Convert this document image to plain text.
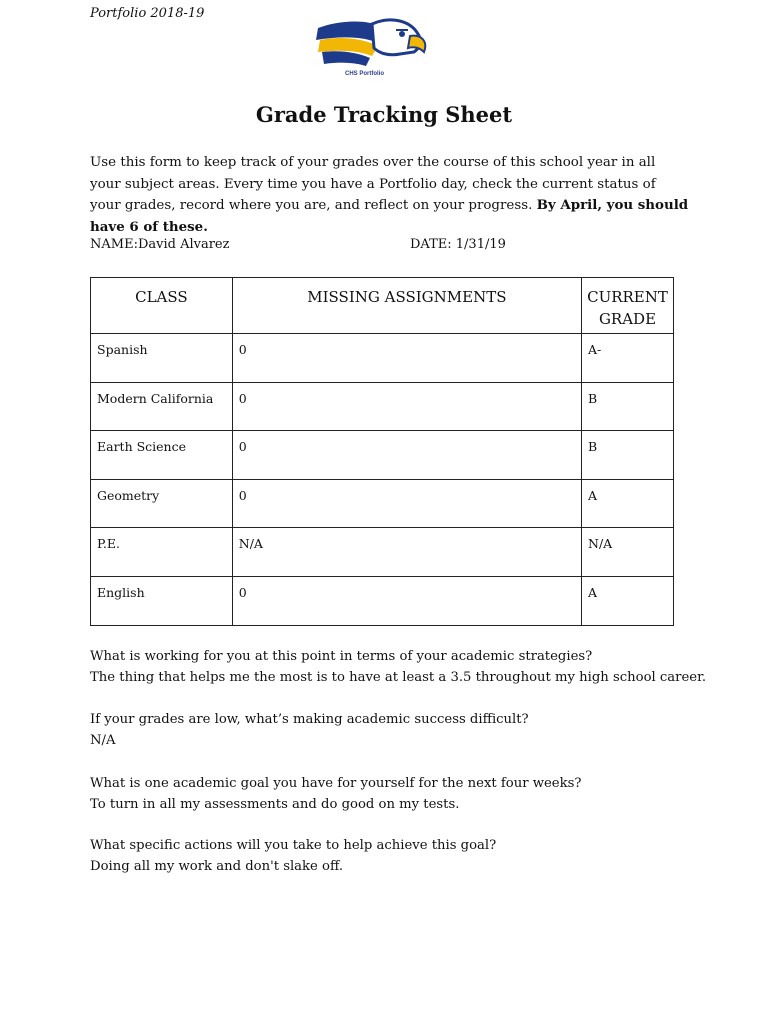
Portfolio 2018-19
CHS Portfolio
Grade Tracking Sheet
Use this form to keep track of your grades over the course of this school year in all your subject areas. Every time you have a Portfolio day, check the current status of your grades, record where you are, and reflect on your progress. By April, you should have 6 of these.
NAME:David Alvarez	DATE: 1/31/19
CLASS	MISSING ASSIGNMENTS	CURRENT GRADE
Spanish	0	A-
Modern California	0	B
Earth Science	0	B
Geometry	0	A
P.E.	N/A	N/A
English	0	A
What is working for you at this point in terms of your academic strategies?
The thing that helps me the most is to have at least a 3.5 throughout my high school career.
If your grades are low, what’s making academic success difficult?
N/A
What is one academic goal you have for yourself for the next four weeks?
To turn in all my assessments and do good on my tests.
What specific actions will you take to help achieve this goal?
Doing all my work and don't slake off.
